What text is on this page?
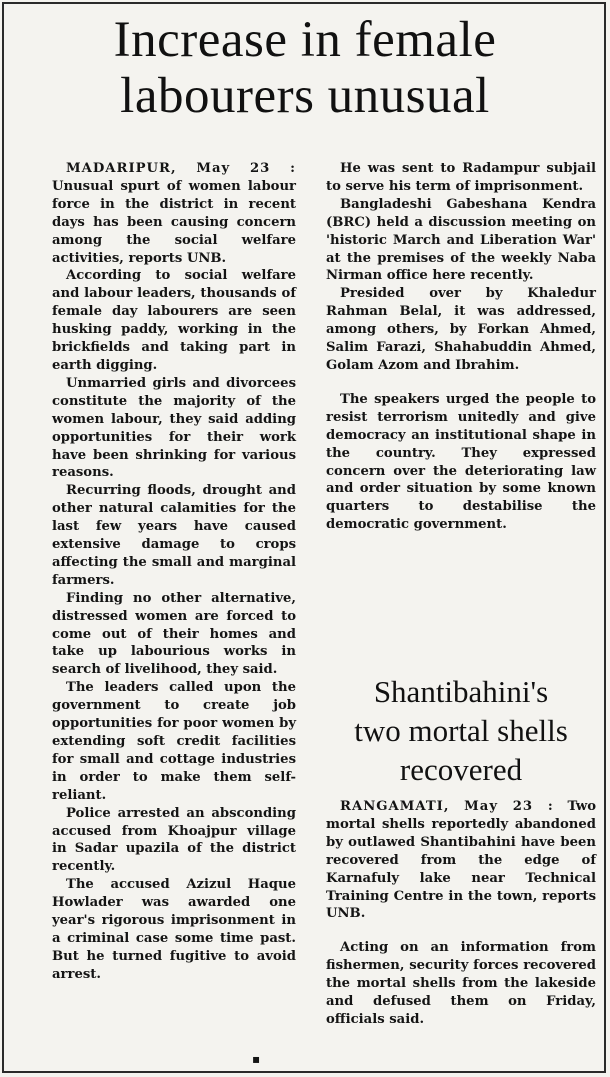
Increase in female
labourers unusual

MADARIPUR, May 23 : Unusual spurt of women labour force in the district in recent days has been causing concern among the social welfare activities, reports UNB.

According to social welfare and labour leaders, thousands of female day labourers are seen husking paddy, working in the brickfields and taking part in earth digging.

Unmarried girls and divorcees constitute the majority of the women labour, they said adding opportunities for their work have been shrinking for various reasons.

Recurring floods, drought and other natural calamities for the last few years have caused extensive damage to crops affecting the small and marginal farmers.

Finding no other alternative, distressed women are forced to come out of their homes and take up labourious works in search of livelihood, they said.

The leaders called upon the government to create job opportunities for poor women by extending soft credit facilities for small and cottage industries in order to make them self-reliant.

Police arrested an absconding accused from Khoajpur village in Sadar upazila of the district recently.

The accused Azizul Haque Howlader was awarded one year's rigorous imprisonment in a criminal case some time past. But he turned fugitive to avoid arrest.

He was sent to Radampur subjail to serve his term of imprisonment.

Bangladeshi Gabeshana Kendra (BRC) held a discussion meeting on 'historic March and Liberation War' at the premises of the weekly Naba Nirman office here recently.

Presided over by Khaledur Rahman Belal, it was addressed, among others, by Forkan Ahmed, Salim Farazi, Shahabuddin Ahmed, Golam Azom and Ibrahim.

The speakers urged the people to resist terrorism unitedly and give democracy an institutional shape in the country. They expressed concern over the deteriorating law and order situation by some known quarters to destabilise the democratic government.

Shantibahini's
two mortal shells
recovered

RANGAMATI, May 23 : Two mortal shells reportedly abandoned by outlawed Shantibahini have been recovered from the edge of Karnafuly lake near Technical Training Centre in the town, reports UNB.

Acting on an information from fishermen, security forces recovered the mortal shells from the lakeside and defused them on Friday, officials said.

▪
